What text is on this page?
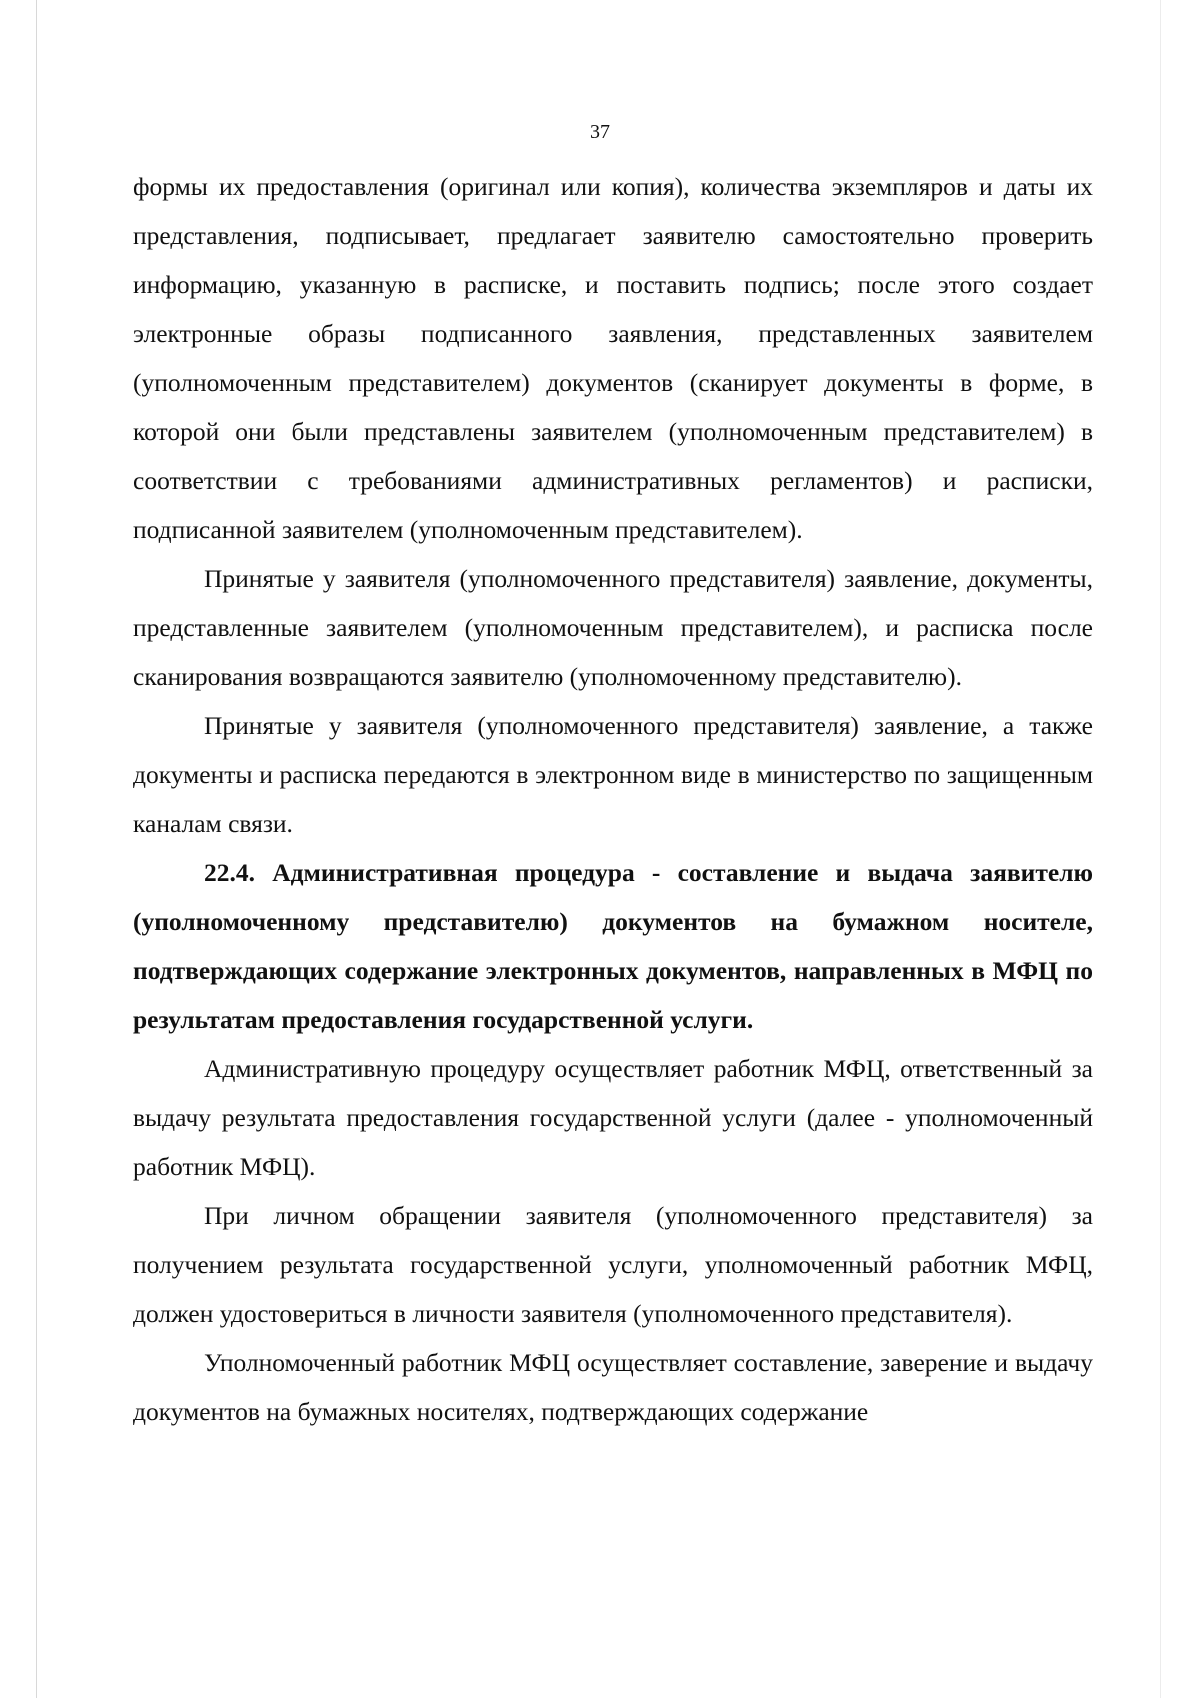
37

формы их предоставления (оригинал или копия), количества экземпляров и даты их представления, подписывает, предлагает заявителю самостоятельно проверить информацию, указанную в расписке, и поставить подпись; после этого создает электронные образы подписанного заявления, представленных заявителем (уполномоченным представителем) документов (сканирует документы в форме, в которой они были представлены заявителем (уполномоченным представителем) в соответствии с требованиями административных регламентов) и расписки, подписанной заявителем (уполномоченным представителем).

Принятые у заявителя (уполномоченного представителя) заявление, документы, представленные заявителем (уполномоченным представителем), и расписка после сканирования возвращаются заявителю (уполномоченному представителю).

Принятые у заявителя (уполномоченного представителя) заявление, а также документы и расписка передаются в электронном виде в министерство по защищенным каналам связи.

22.4. Административная процедура - составление и выдача заявителю (уполномоченному представителю) документов на бумажном носителе, подтверждающих содержание электронных документов, направленных в МФЦ по результатам предоставления государственной услуги.

Административную процедуру осуществляет работник МФЦ, ответственный за выдачу результата предоставления государственной услуги (далее - уполномоченный работник МФЦ).

При личном обращении заявителя (уполномоченного представителя) за получением результата государственной услуги, уполномоченный работник МФЦ, должен удостовериться в личности заявителя (уполномоченного представителя).

Уполномоченный работник МФЦ осуществляет составление, заверение и выдачу документов на бумажных носителях, подтверждающих содержание
